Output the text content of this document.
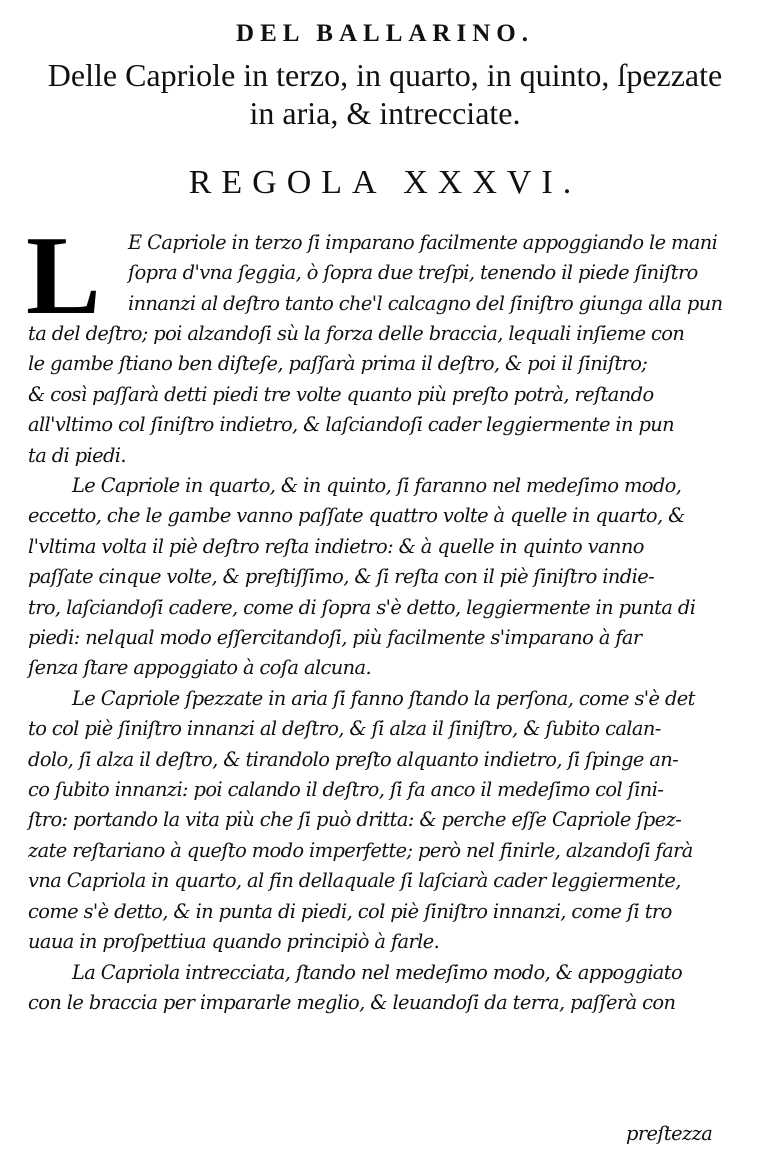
DEL BALLARINO.
Delle Capriole in terzo, in quarto, in quinto, ſpezzate
in aria, & intrecciate.
REGOLA XXXVI.
L E Capriole in terzo ſi imparano facilmente appoggiando le mani
ſopra d'vna ſeggia, ò ſopra due treſpi, tenendo il piede ſiniſtro
innanzi al deſtro tanto che'l calcagno del ſiniſtro giunga alla pun
ta del deſtro; poi alzandoſi sù la forza delle braccia, lequali inſieme con
le gambe ſtiano ben diſteſe, paſſarà prima il deſtro, & poi il ſiniſtro;
& così paſſarà detti piedi tre volte quanto più preſto potrà, reſtando
all'vltimo col ſiniſtro indietro, & laſciandoſi cader leggiermente in pun
ta di piedi.
Le Capriole in quarto, & in quinto, ſi faranno nel medeſimo modo,
eccetto, che le gambe vanno paſſate quattro volte à quelle in quarto, &
l'vltima volta il piè deſtro reſta indietro: & à quelle in quinto vanno
paſſate cinque volte, & preſtiſſimo, & ſi reſta con il piè ſiniſtro indie-
tro, laſciandoſi cadere, come di ſopra s'è detto, leggiermente in punta di
piedi: nelqual modo eſſercitandoſi, più facilmente s'imparano à far
ſenza ſtare appoggiato à coſa alcuna.
Le Capriole ſpezzate in aria ſi fanno ſtando la perſona, come s'è det
to col piè ſiniſtro innanzi al deſtro, & ſi alza il ſiniſtro, & ſubito calan-
dolo, ſi alza il deſtro, & tirandolo preſto alquanto indietro, ſi ſpinge an-
co ſubito innanzi: poi calando il deſtro, ſi fa anco il medeſimo col ſini-
ſtro: portando la vita più che ſi può dritta: & perche eſſe Capriole ſpez-
zate reſtariano à queſto modo imperfette; però nel finirle, alzandoſi farà
vna Capriola in quarto, al fin dellaquale ſi laſciarà cader leggiermente,
come s'è detto, & in punta di piedi, col piè ſiniſtro innanzi, come ſi tro
uaua in proſpettiua quando principiò à farle.
La Capriola intrecciata, ſtando nel medeſimo modo, & appoggiato
con le braccia per impararle meglio, & leuandoſi da terra, paſſerà con
preſtezza
